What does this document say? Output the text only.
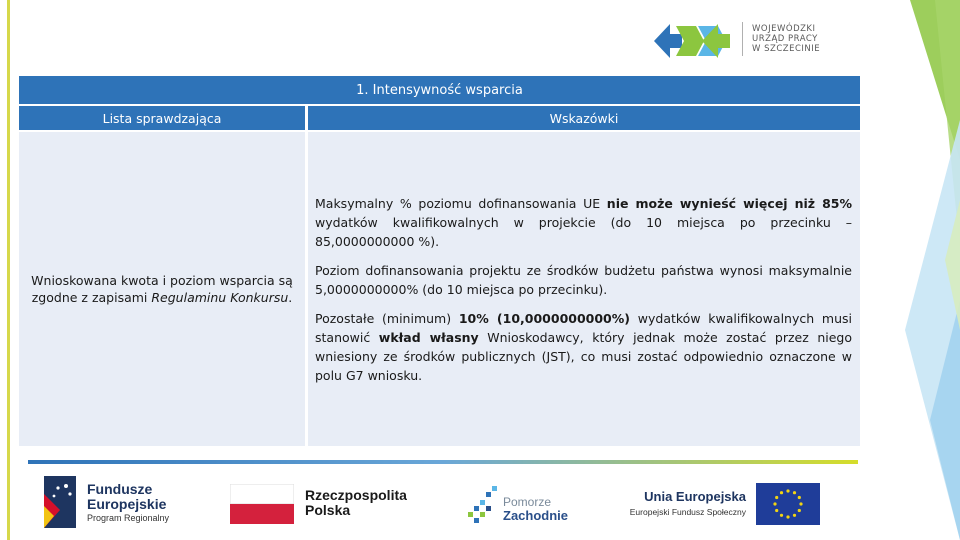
WOJEWÓDZKI
URZĄD PRACY
W SZCZECINIE
1. Intensywność wsparcia
Lista sprawdzająca	Wskazówki
Wnioskowana kwota i poziom wsparcia są zgodne z zapisami Regulaminu Konkursu.

Maksymalny % poziomu dofinansowania UE nie może wynieść więcej niż 85% wydatków kwalifikowalnych w projekcie (do 10 miejsca po przecinku – 85,0000000000 %).

Poziom dofinansowania projektu ze środków budżetu państwa wynosi maksymalnie 5,0000000000% (do 10 miejsca po przecinku).

Pozostałe (minimum) 10% (10,0000000000%) wydatków kwalifikowalnych musi stanowić wkład własny Wnioskodawcy, który jednak może zostać przez niego wniesiony ze środków publicznych (JST), co musi zostać odpowiednio oznaczone w polu G7 wniosku.

Fundusze
Europejskie
Program Regionalny
Rzeczpospolita
Polska	Pomorze
Zachodnie
Unia Europejska
Europejski Fundusz Społeczny
